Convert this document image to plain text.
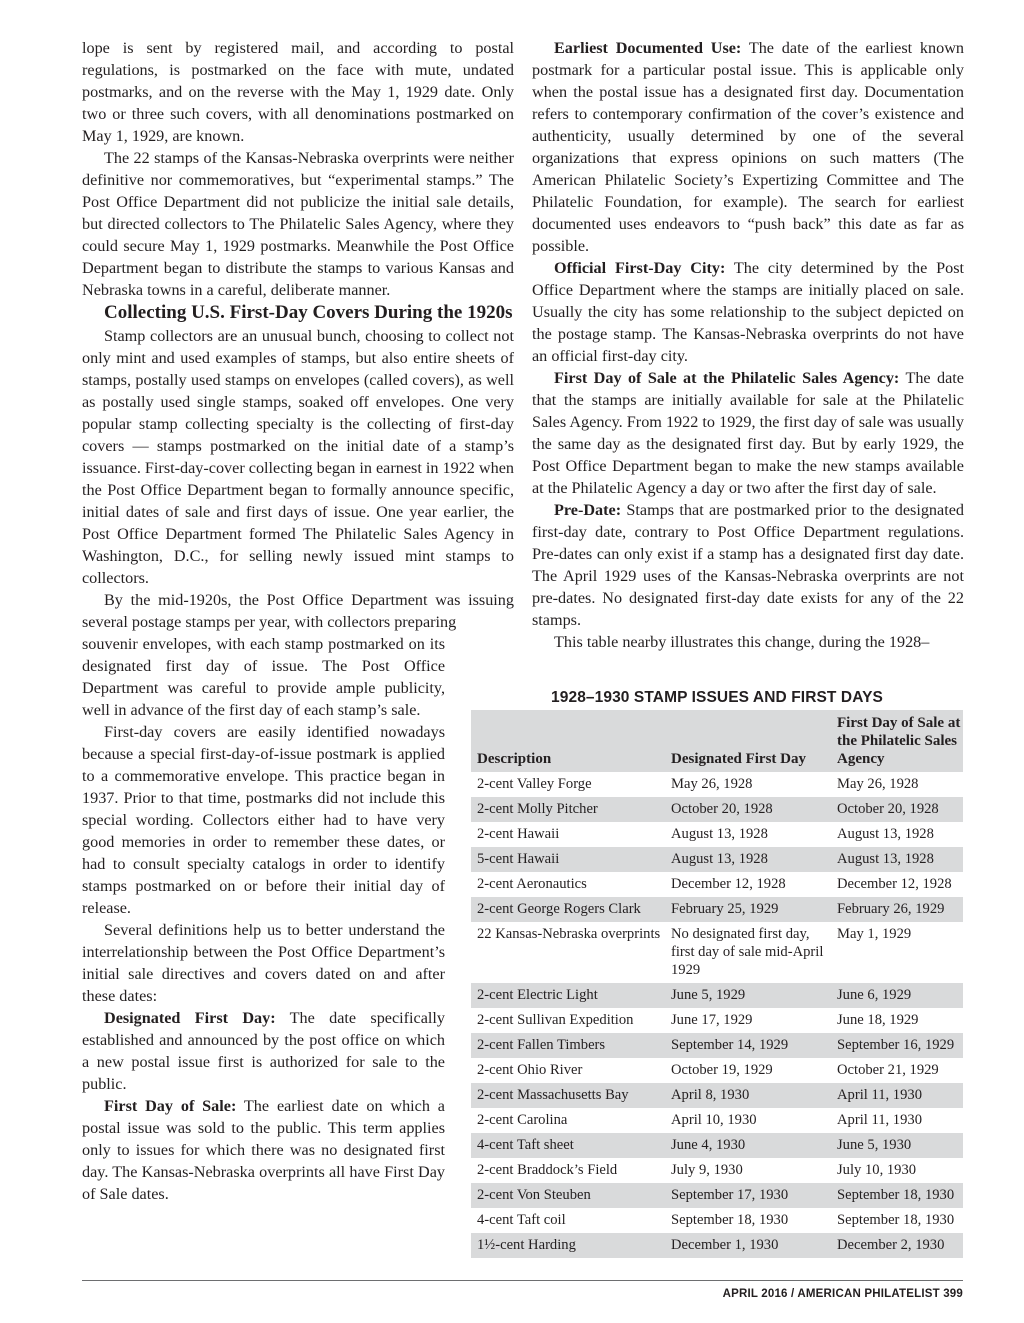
lope is sent by registered mail, and according to postal regulations, is postmarked on the face with mute, undated postmarks, and on the reverse with the May 1, 1929 date. Only two or three such covers, with all denominations postmarked on May 1, 1929, are known.

The 22 stamps of the Kansas-Nebraska overprints were neither definitive nor commemoratives, but “experimental stamps.” The Post Office Department did not publicize the initial sale details, but directed collectors to The Philatelic Sales Agency, where they could secure May 1, 1929 postmarks. Meanwhile the Post Office Department began to distribute the stamps to various Kansas and Nebraska towns in a careful, deliberate manner.

Collecting U.S. First-Day Covers During the 1920s

Stamp collectors are an unusual bunch, choosing to collect not only mint and used examples of stamps, but also entire sheets of stamps, postally used stamps on envelopes (called covers), as well as postally used single stamps, soaked off envelopes. One very popular stamp collecting specialty is the collecting of first-day covers — stamps postmarked on the initial date of a stamp’s issuance. First-day-cover collecting began in earnest in 1922 when the Post Office Department began to formally announce specific, initial dates of sale and first days of issue. One year earlier, the Post Office Department formed The Philatelic Sales Agency in Washington, D.C., for selling newly issued mint stamps to collectors.

By the mid-1920s, the Post Office Department was issuing several postage stamps per year, with collectors preparing

souvenir envelopes, with each stamp postmarked on its designated first day of issue. The Post Office Department was careful to provide ample publicity, well in advance of the first day of each stamp’s sale.

First-day covers are easily identified nowadays because a special first-day-of-issue postmark is applied to a commemorative envelope. This practice began in 1937. Prior to that time, postmarks did not include this special wording. Collectors either had to have very good memories in order to remember these dates, or had to consult specialty catalogs in order to identify stamps postmarked on or before their initial day of release.

Several definitions help us to better understand the interrelationship between the Post Office Department’s initial sale directives and covers dated on and after these dates:

Designated First Day: The date specifically established and announced by the post office on which a new postal issue first is authorized for sale to the public.

First Day of Sale: The earliest date on which a postal issue was sold to the public. This term applies only to issues for which there was no designated first day. The Kansas-Nebraska overprints all have First Day of Sale dates.

Earliest Documented Use: The date of the earliest known postmark for a particular postal issue. This is applicable only when the postal issue has a designated first day. Documentation refers to contemporary confirmation of the cover’s existence and authenticity, usually determined by one of the several organizations that express opinions on such matters (The American Philatelic Society’s Expertizing Committee and The Philatelic Foundation, for example). The search for earliest documented uses endeavors to “push back” this date as far as possible.

Official First-Day City: The city determined by the Post Office Department where the stamps are initially placed on sale. Usually the city has some relationship to the subject depicted on the postage stamp. The Kansas-Nebraska overprints do not have an official first-day city.

First Day of Sale at the Philatelic Sales Agency: The date that the stamps are initially available for sale at the Philatelic Sales Agency. From 1922 to 1929, the first day of sale was usually the same day as the designated first day. But by early 1929, the Post Office Department began to make the new stamps available at the Philatelic Agency a day or two after the first day of sale.

Pre-Date: Stamps that are postmarked prior to the designated first-day date, contrary to Post Office Department regulations. Pre-dates can only exist if a stamp has a designated first day date. The April 1929 uses of the Kansas-Nebraska overprints are not pre-dates. No designated first-day date exists for any of the 22 stamps.

This table nearby illustrates this change, during the 1928–

1928–1930 STAMP ISSUES AND FIRST DAYS
Description	Designated First Day	First Day of Sale at the Philatelic Sales Agency
2-cent Valley Forge	May 26, 1928	May 26, 1928
2-cent Molly Pitcher	October 20, 1928	October 20, 1928
2-cent Hawaii	August 13, 1928	August 13, 1928
5-cent Hawaii	August 13, 1928	August 13, 1928
2-cent Aeronautics	December 12, 1928	December 12, 1928
2-cent George Rogers Clark	February 25, 1929	February 26, 1929
22 Kansas-Nebraska overprints	No designated first day, first day of sale mid-April 1929	May 1, 1929
2-cent Electric Light	June 5, 1929	June 6, 1929
2-cent Sullivan Expedition	June 17, 1929	June 18, 1929
2-cent Fallen Timbers	September 14, 1929	September 16, 1929
2-cent Ohio River	October 19, 1929	October 21, 1929
2-cent Massachusetts Bay	April 8, 1930	April 11, 1930
2-cent Carolina	April 10, 1930	April 11, 1930
4-cent Taft sheet	June 4, 1930	June 5, 1930
2-cent Braddock’s Field	July 9, 1930	July 10, 1930
2-cent Von Steuben	September 17, 1930	September 18, 1930
4-cent Taft coil	September 18, 1930	September 18, 1930
1½-cent Harding	December 1, 1930	December 2, 1930
APRIL 2016 / AMERICAN PHILATELIST 399
